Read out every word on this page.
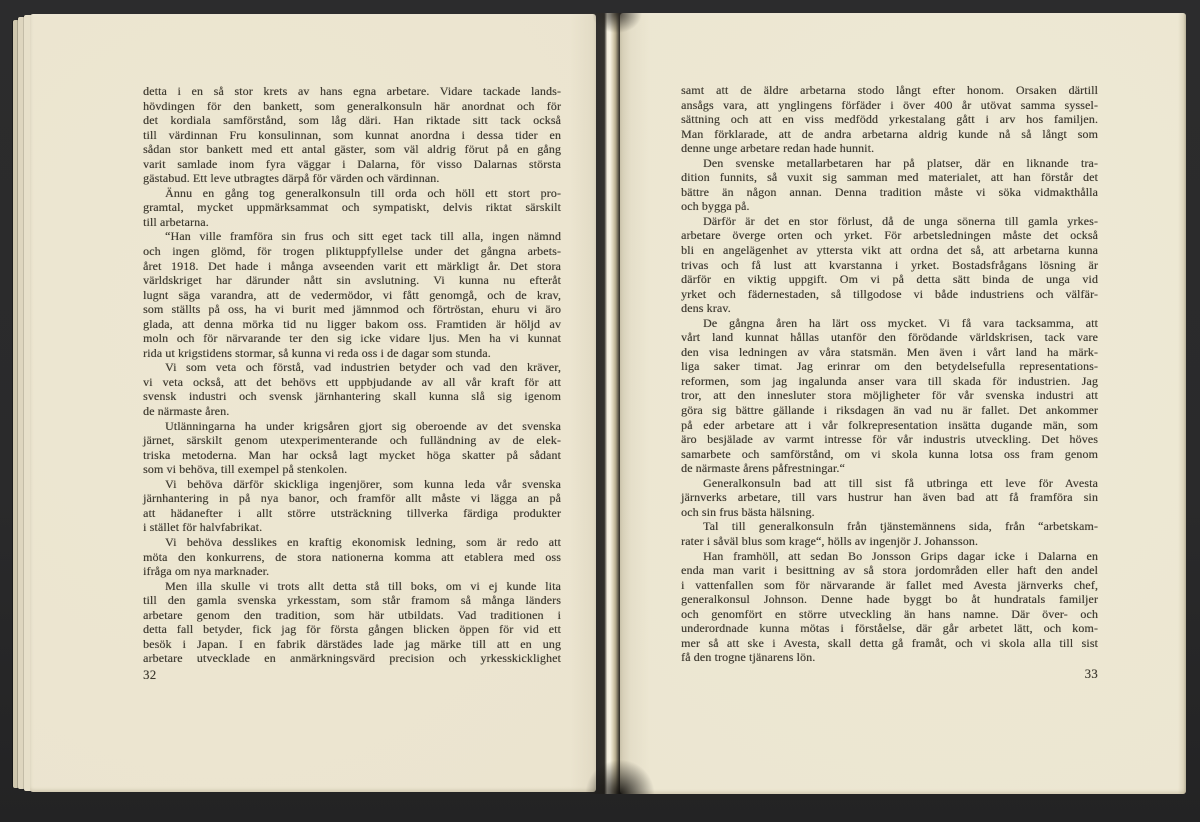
detta i en så stor krets av hans egna arbetare. Vidare tackade lands-
hövdingen för den bankett, som generalkonsuln här anordnat och för
det kordiala samförstånd, som låg däri. Han riktade sitt tack också
till värdinnan Fru konsulinnan, som kunnat anordna i dessa tider en
sådan stor bankett med ett antal gäster, som väl aldrig förut på en gång
varit samlade inom fyra väggar i Dalarna, för visso Dalarnas största
gästabud. Ett leve utbragtes därpå för värden och värdinnan.
Ännu en gång tog generalkonsuln till orda och höll ett stort pro-
gramtal, mycket uppmärksammat och sympatiskt, delvis riktat särskilt
till arbetarna.
“Han ville framföra sin frus och sitt eget tack till alla, ingen nämnd
och ingen glömd, för trogen pliktuppfyllelse under det gångna arbets-
året 1918. Det hade i många avseenden varit ett märkligt år. Det stora
världskriget har därunder nått sin avslutning. Vi kunna nu efteråt
lugnt säga varandra, att de vedermödor, vi fått genomgå, och de krav,
som ställts på oss, ha vi burit med jämnmod och förtröstan, ehuru vi äro
glada, att denna mörka tid nu ligger bakom oss. Framtiden är höljd av
moln och för närvarande ter den sig icke vidare ljus. Men ha vi kunnat
rida ut krigstidens stormar, så kunna vi reda oss i de dagar som stunda.
Vi som veta och förstå, vad industrien betyder och vad den kräver,
vi veta också, att det behövs ett uppbjudande av all vår kraft för att
svensk industri och svensk järnhantering skall kunna slå sig igenom
de närmaste åren.
Utlänningarna ha under krigsåren gjort sig oberoende av det svenska
järnet, särskilt genom utexperimenterande och fulländning av de elek-
triska metoderna. Man har också lagt mycket höga skatter på sådant
som vi behöva, till exempel på stenkolen.
Vi behöva därför skickliga ingenjörer, som kunna leda vår svenska
järnhantering in på nya banor, och framför allt måste vi lägga an på
att hädanefter i allt större utsträckning tillverka färdiga produkter
i stället för halvfabrikat.
Vi behöva desslikes en kraftig ekonomisk ledning, som är redo att
möta den konkurrens, de stora nationerna komma att etablera med oss
ifråga om nya marknader.
Men illa skulle vi trots allt detta stå till boks, om vi ej kunde lita
till den gamla svenska yrkesstam, som står framom så många länders
arbetare genom den tradition, som här utbildats. Vad traditionen i
detta fall betyder, fick jag för första gången blicken öppen för vid ett
besök i Japan. I en fabrik därstädes lade jag märke till att en ung
arbetare utvecklade en anmärkningsvärd precision och yrkesskicklighet
32
samt att de äldre arbetarna stodo långt efter honom. Orsaken därtill
ansågs vara, att ynglingens förfäder i över 400 år utövat samma syssel-
sättning och att en viss medfödd yrkestalang gått i arv hos familjen.
Man förklarade, att de andra arbetarna aldrig kunde nå så långt som
denne unge arbetare redan hade hunnit.
Den svenske metallarbetaren har på platser, där en liknande tra-
dition funnits, så vuxit sig samman med materialet, att han förstår det
bättre än någon annan. Denna tradition måste vi söka vidmakthålla
och bygga på.
Därför är det en stor förlust, då de unga sönerna till gamla yrkes-
arbetare överge orten och yrket. För arbetsledningen måste det också
bli en angelägenhet av yttersta vikt att ordna det så, att arbetarna kunna
trivas och få lust att kvarstanna i yrket. Bostadsfrågans lösning är
därför en viktig uppgift. Om vi på detta sätt binda de unga vid
yrket och fädernestaden, så tillgodose vi både industriens och välfär-
dens krav.
De gångna åren ha lärt oss mycket. Vi få vara tacksamma, att
vårt land kunnat hållas utanför den förödande världskrisen, tack vare
den visa ledningen av våra statsmän. Men även i vårt land ha märk-
liga saker timat. Jag erinrar om den betydelsefulla representations-
reformen, som jag ingalunda anser vara till skada för industrien. Jag
tror, att den innesluter stora möjligheter för vår svenska industri att
göra sig bättre gällande i riksdagen än vad nu är fallet. Det ankommer
på eder arbetare att i vår folkrepresentation insätta dugande män, som
äro besjälade av varmt intresse för vår industris utveckling. Det höves
samarbete och samförstånd, om vi skola kunna lotsa oss fram genom
de närmaste årens påfrestningar.“
Generalkonsuln bad att till sist få utbringa ett leve för Avesta
järnverks arbetare, till vars hustrur han även bad att få framföra sin
och sin frus bästa hälsning.
Tal till generalkonsuln från tjänstemännens sida, från “arbetskam-
rater i såväl blus som krage“, hölls av ingenjör J. Johansson.
Han framhöll, att sedan Bo Jonsson Grips dagar icke i Dalarna en
enda man varit i besittning av så stora jordområden eller haft den andel
i vattenfallen som för närvarande är fallet med Avesta järnverks chef,
generalkonsul Johnson. Denne hade byggt bo åt hundratals familjer
och genomfört en större utveckling än hans namne. Där över- och
underordnade kunna mötas i förståelse, där går arbetet lätt, och kom-
mer så att ske i Avesta, skall detta gå framåt, och vi skola alla till sist
få den trogne tjänarens lön.
33
